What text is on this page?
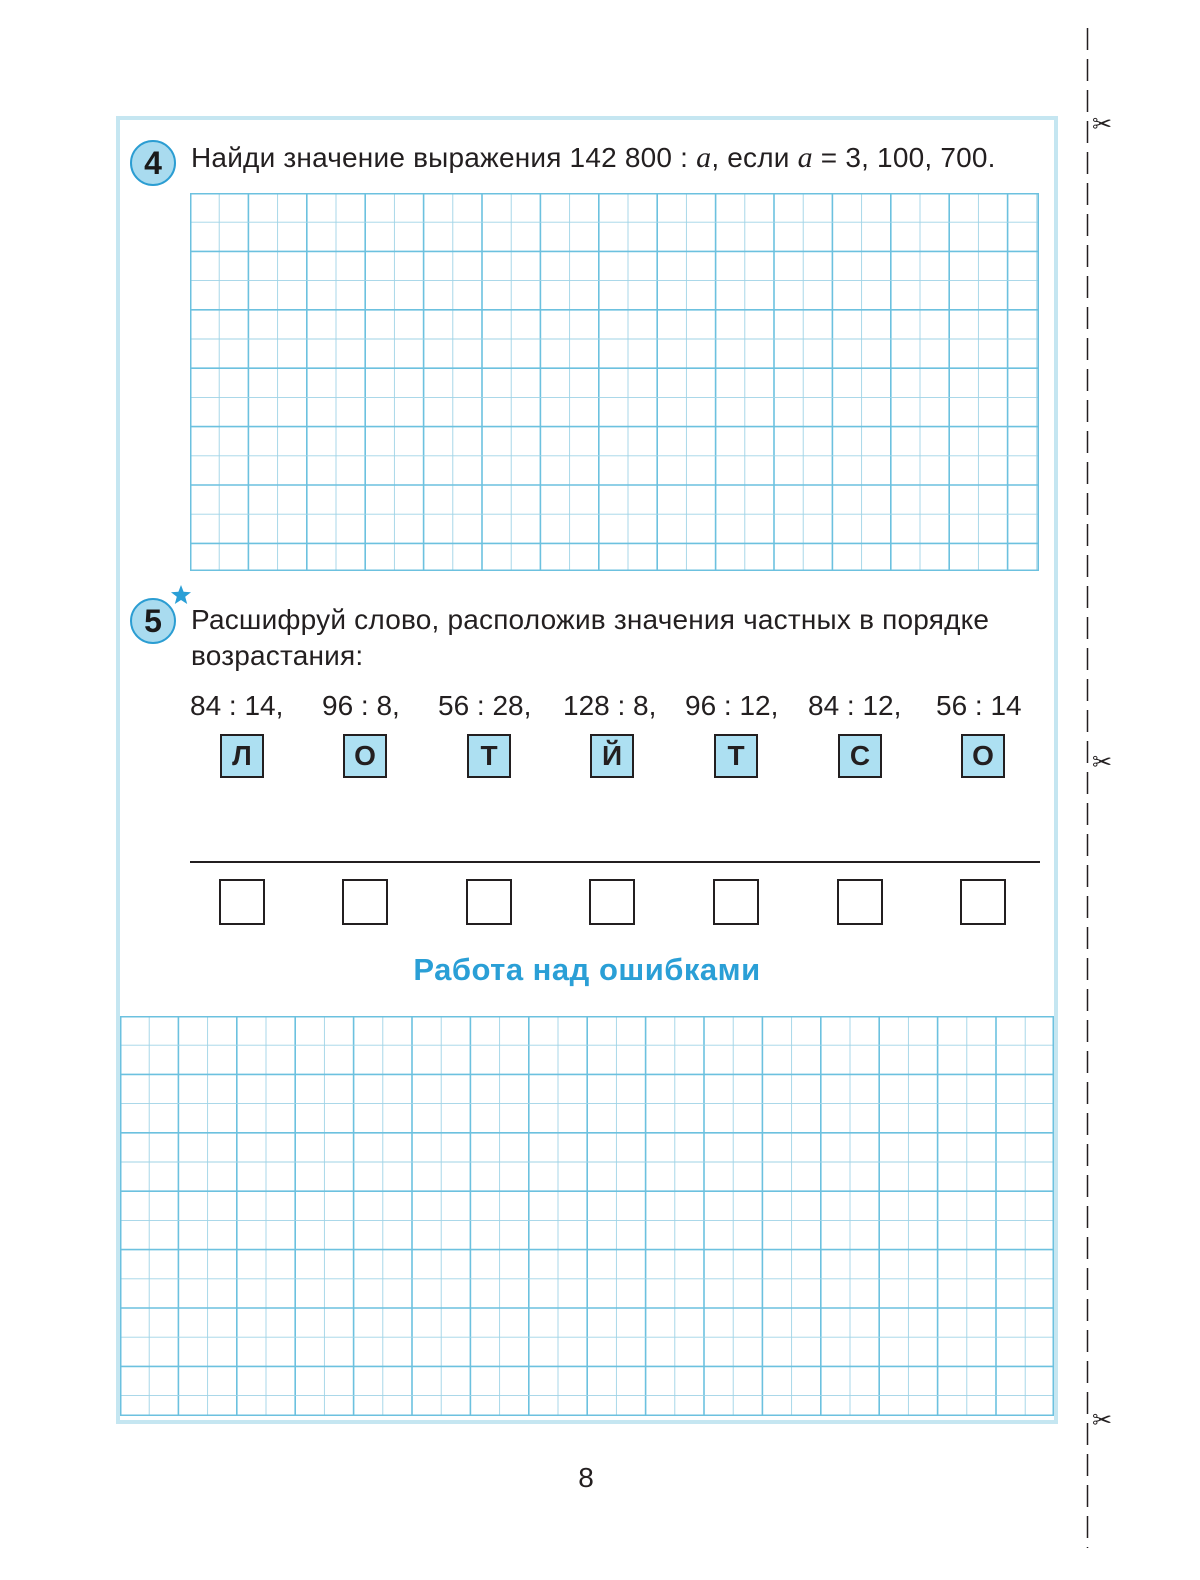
4 Найди значение выражения 142 800 : a, если a = 3, 100, 700.
5 Расшифруй слово, расположив значения частных в порядке
возрастания:
84 : 14, 96 : 8, 56 : 28, 128 : 8, 96 : 12, 84 : 12, 56 : 14
Л	О	Т	Й	Т	С	О
Работа над ошибками
8
✂
✂
✂
